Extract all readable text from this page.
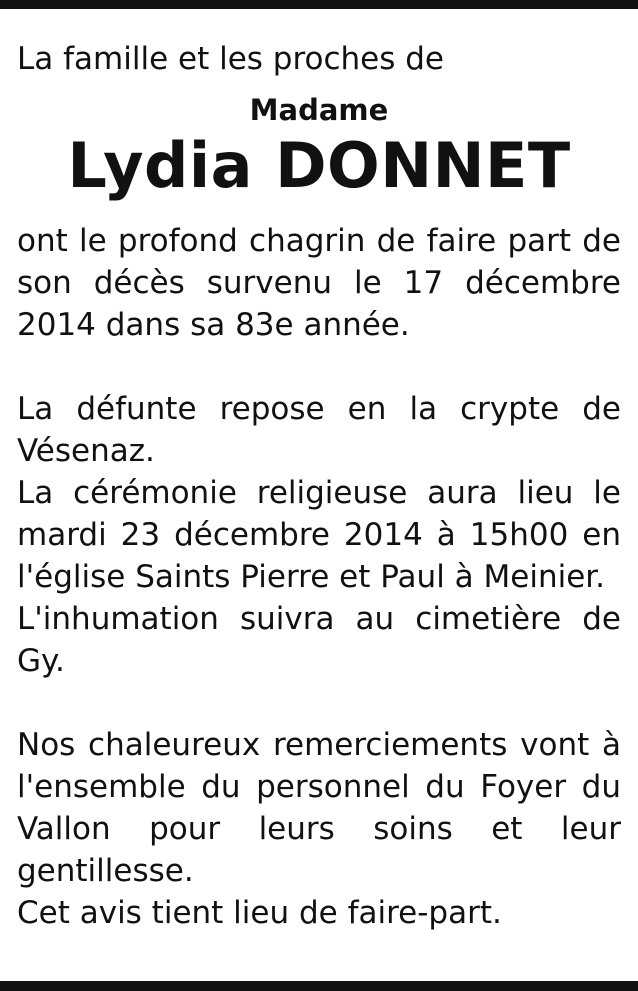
La famille et les proches de

Madame

Lydia DONNET

ont le profond chagrin de faire part de son décès survenu le 17 décembre 2014 dans sa 83e année.

La défunte repose en la crypte de Vésenaz.

La cérémonie religieuse aura lieu le mardi 23 décembre 2014 à 15h00 en l'église Saints Pierre et Paul à Meinier.

L'inhumation suivra au cimetière de Gy.

Nos chaleureux remerciements vont à l'ensemble du personnel du Foyer du Vallon pour leurs soins et leur gentillesse.

Cet avis tient lieu de faire-part.
